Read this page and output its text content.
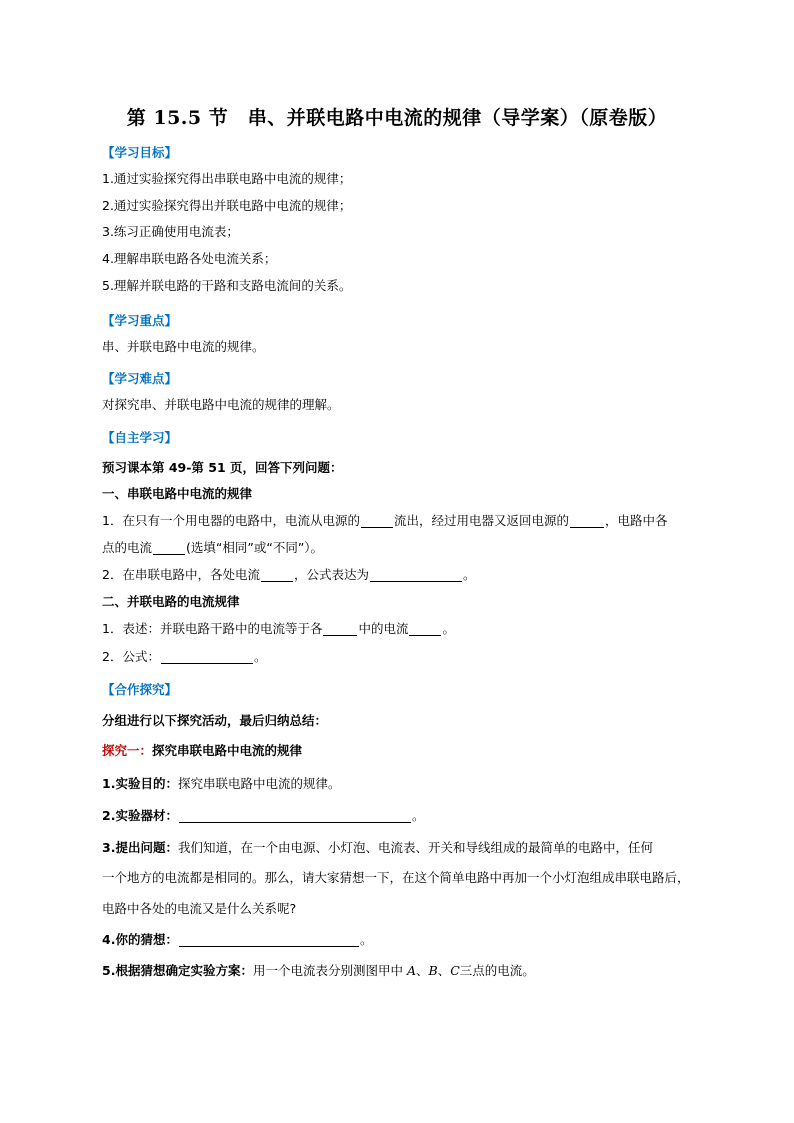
第 15.5 节　串、并联电路中电流的规律（导学案）（原卷版）
【学习目标】
1.通过实验探究得出串联电路中电流的规律；
2.通过实验探究得出并联电路中电流的规律；
3.练习正确使用电流表；
4.理解串联电路各处电流关系；
5.理解并联电路的干路和支路电流间的关系。
【学习重点】
串、并联电路中电流的规律。
【学习难点】
对探究串、并联电路中电流的规律的理解。
【自主学习】
预习课本第 49-第 51 页，回答下列问题：
一、串联电路中电流的规律
1．在只有一个用电器的电路中，电流从电源的	流出，经过用电器又返回电源的	，电路中各
点的电流	(选填“相同”或“不同”）。
2．在串联电路中，各处电流	，公式表达为	。
二、并联电路的电流规律
1．表述：并联电路干路中的电流等于各	中的电流	。
2．公式：	。
【合作探究】
分组进行以下探究活动，最后归纳总结：
探究一：探究串联电路中电流的规律
1.实验目的：探究串联电路中电流的规律。
2.实验器材：	。
3.提出问题：我们知道，在一个由电源、小灯泡、电流表、开关和导线组成的最简单的电路中，任何
一个地方的电流都是相同的。那么，请大家猜想一下，在这个简单电路中再加一个小灯泡组成串联电路后，
电路中各处的电流又是什么关系呢?
4.你的猜想：	。
5.根据猜想确定实验方案：用一个电流表分别测图甲中 A、B、C三点的电流。
